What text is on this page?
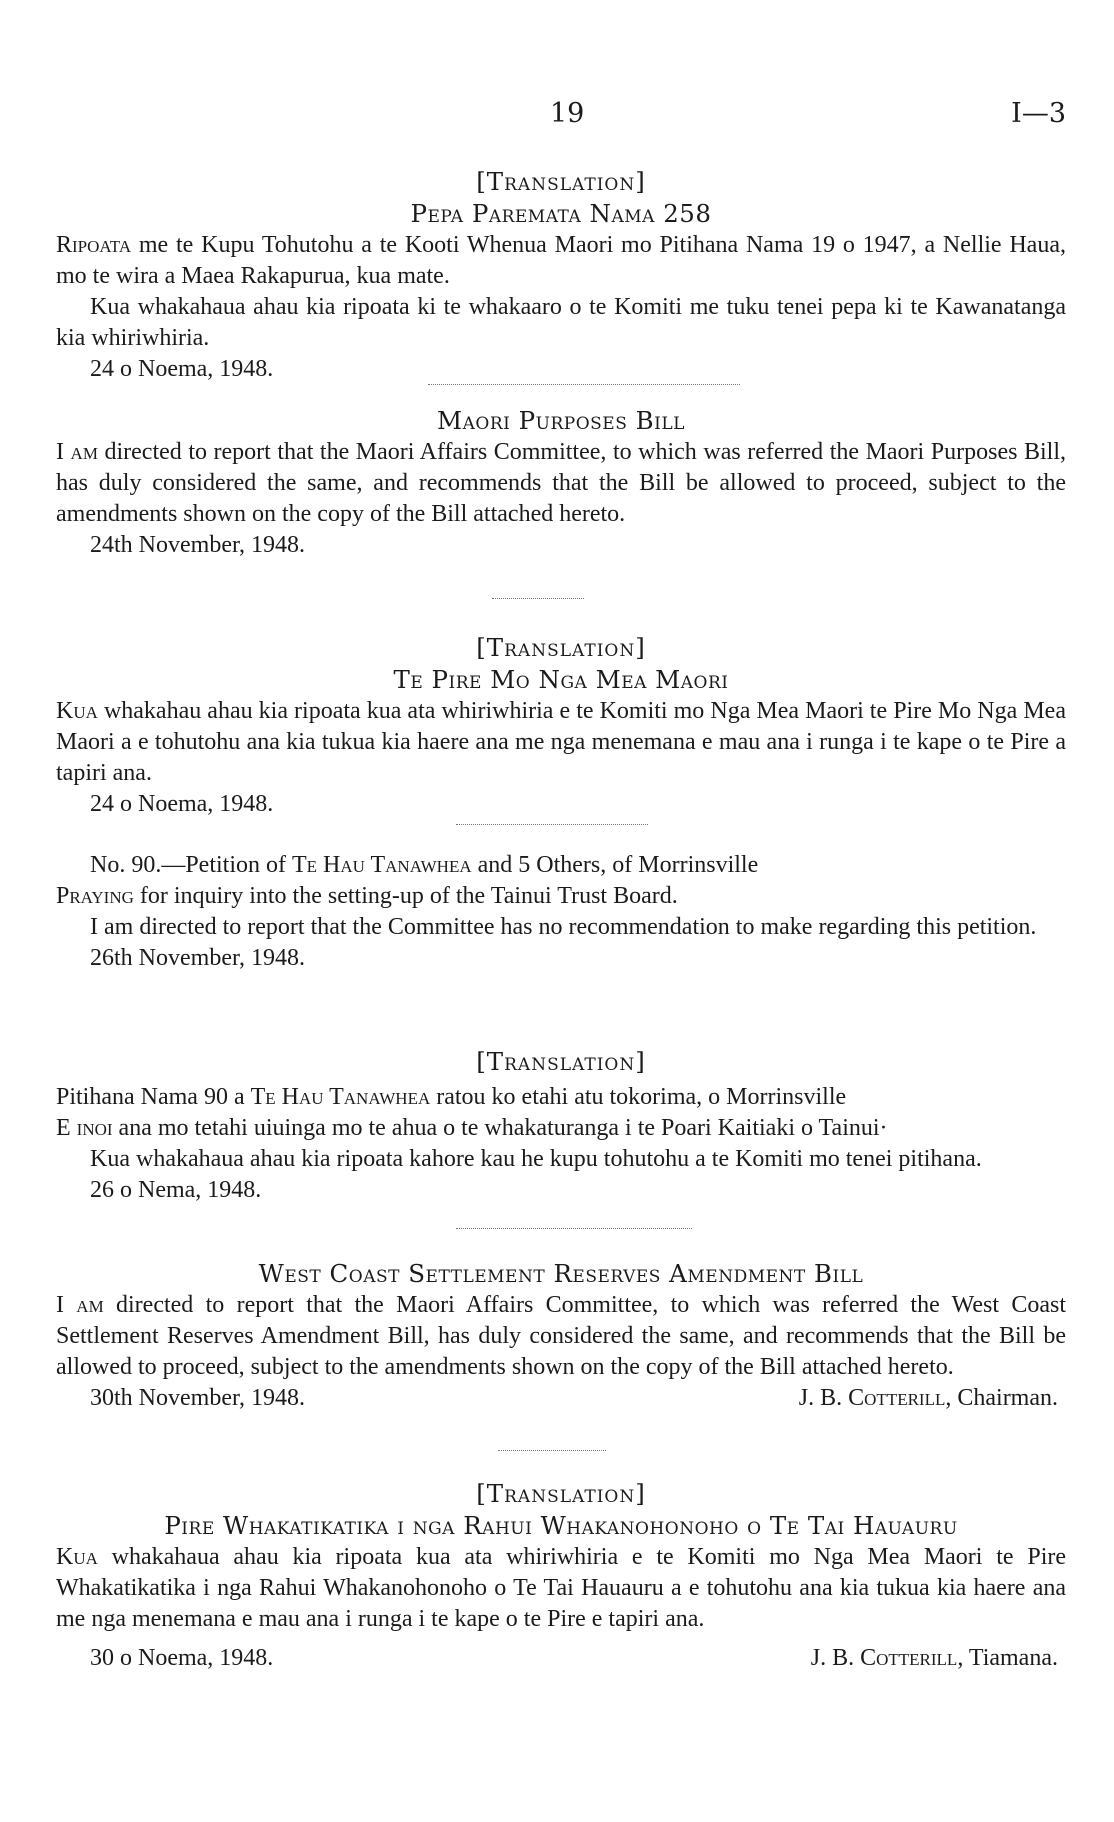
19	I—3
[Translation]
Pepa Paremata Nama 258

Ripoata me te Kupu Tohutohu a te Kooti Whenua Maori mo Pitihana Nama 19 o 1947, a Nellie Haua, mo te wira a Maea Rakapurua, kua mate.

Kua whakahaua ahau kia ripoata ki te whakaaro o te Komiti me tuku tenei pepa ki te Kawanatanga kia whiriwhiria.

24 o Noema, 1948.
Maori Purposes Bill

I am directed to report that the Maori Affairs Committee, to which was referred the Maori Purposes Bill, has duly considered the same, and recommends that the Bill be allowed to proceed, subject to the amendments shown on the copy of the Bill attached hereto.

24th November, 1948.
[Translation]
Te Pire Mo Nga Mea Maori

Kua whakahau ahau kia ripoata kua ata whiriwhiria e te Komiti mo Nga Mea Maori te Pire Mo Nga Mea Maori a e tohutohu ana kia tukua kia haere ana me nga menemana e mau ana i runga i te kape o te Pire a tapiri ana.

24 o Noema, 1948.
No. 90.—Petition of Te Hau Tanawhea and 5 Others, of Morrinsville

Praying for inquiry into the setting-up of the Tainui Trust Board.

I am directed to report that the Committee has no recommendation to make regarding this petition.

26th November, 1948.
[Translation]
Pitihana Nama 90 a Te Hau Tanawhea ratou ko etahi atu tokorima, o Morrinsville

E inoi ana mo tetahi uiuinga mo te ahua o te whakaturanga i te Poari Kaitiaki o Tainui·

Kua whakahaua ahau kia ripoata kahore kau he kupu tohutohu a te Komiti mo tenei pitihana.

26 o Nema, 1948.
West Coast Settlement Reserves Amendment Bill

I am directed to report that the Maori Affairs Committee, to which was referred the West Coast Settlement Reserves Amendment Bill, has duly considered the same, and recommends that the Bill be allowed to proceed, subject to the amendments shown on the copy of the Bill attached hereto.

30th November, 1948.	J. B. Cotterill, Chairman.
[Translation]
Pire Whakatikatika i nga Rahui Whakanohonoho o Te Tai Hauauru

Kua whakahaua ahau kia ripoata kua ata whiriwhiria e te Komiti mo Nga Mea Maori te Pire Whakatikatika i nga Rahui Whakanohonoho o Te Tai Hauauru a e tohutohu ana kia tukua kia haere ana me nga menemana e mau ana i runga i te kape o te Pire e tapiri ana.

30 o Noema, 1948.	J. B. Cotterill, Tiamana.
